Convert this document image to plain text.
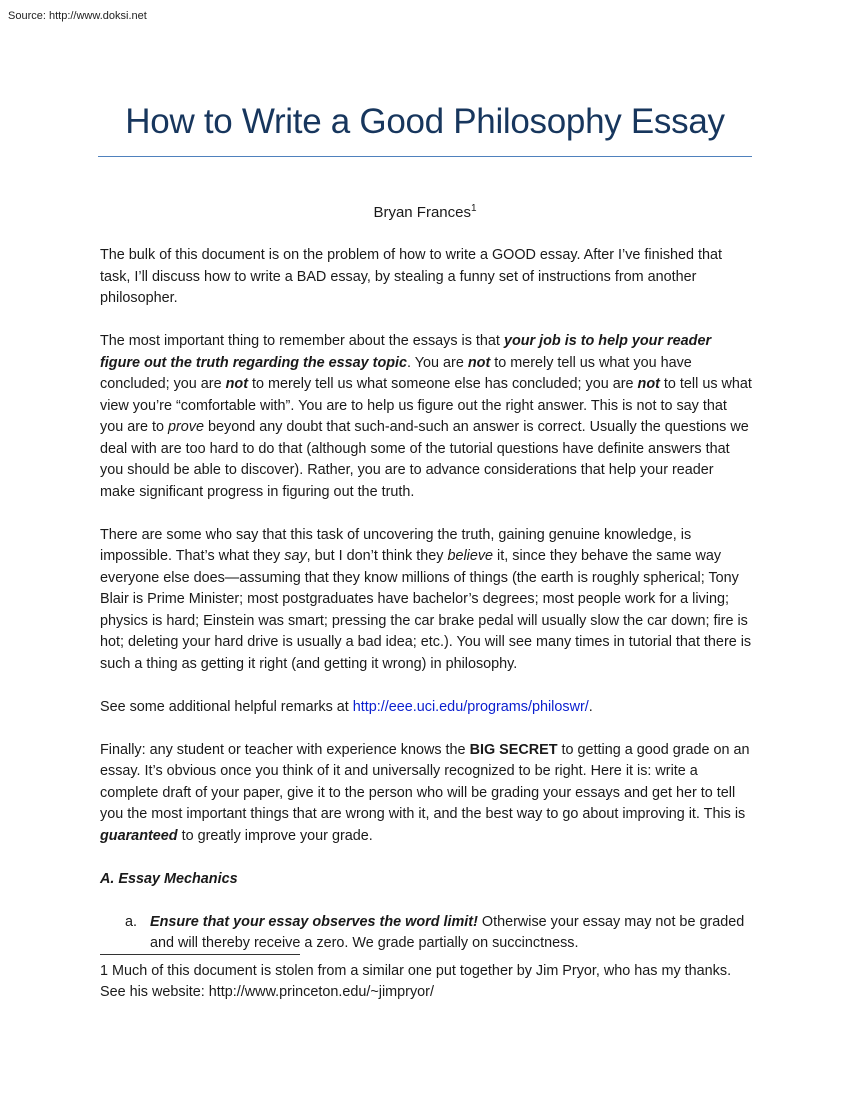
Source: http://www.doksi.net
How to Write a Good Philosophy Essay
Bryan Frances$^1$

The bulk of this document is on the problem of how to write a GOOD essay. After I’ve finished that task, I’ll discuss how to write a BAD essay, by stealing a funny set of instructions from another philosopher.

The most important thing to remember about the essays is that your job is to help your reader figure out the truth regarding the essay topic. You are not to merely tell us what you have concluded; you are not to merely tell us what someone else has concluded; you are not to tell us what view you’re “comfortable with”. You are to help us figure out the right answer. This is not to say that you are to prove beyond any doubt that such-and-such an answer is correct. Usually the questions we deal with are too hard to do that (although some of the tutorial questions have definite answers that you should be able to discover). Rather, you are to advance considerations that help your reader make significant progress in figuring out the truth.

There are some who say that this task of uncovering the truth, gaining genuine knowledge, is impossible. That’s what they say, but I don’t think they believe it, since they behave the same way everyone else does—assuming that they know millions of things (the earth is roughly spherical; Tony Blair is Prime Minister; most postgraduates have bachelor’s degrees; most people work for a living; physics is hard; Einstein was smart; pressing the car brake pedal will usually slow the car down; fire is hot; deleting your hard drive is usually a bad idea; etc.). You will see many times in tutorial that there is such a thing as getting it right (and getting it wrong) in philosophy.

See some additional helpful remarks at http://eee.uci.edu/programs/philoswr/.

Finally: any student or teacher with experience knows the BIG SECRET to getting a good grade on an essay. It’s obvious once you think of it and universally recognized to be right. Here it is: write a complete draft of your paper, give it to the person who will be grading your essays and get her to tell you the most important things that are wrong with it, and the best way to go about improving it. This is guaranteed to greatly improve your grade.

A. Essay Mechanics
a. Ensure that your essay observes the word limit! Otherwise your essay may not be graded and will thereby receive a zero. We grade partially on succinctness.
1 Much of this document is stolen from a similar one put together by Jim Pryor, who has my thanks. See his website: http://www.princeton.edu/~jimpryor/
